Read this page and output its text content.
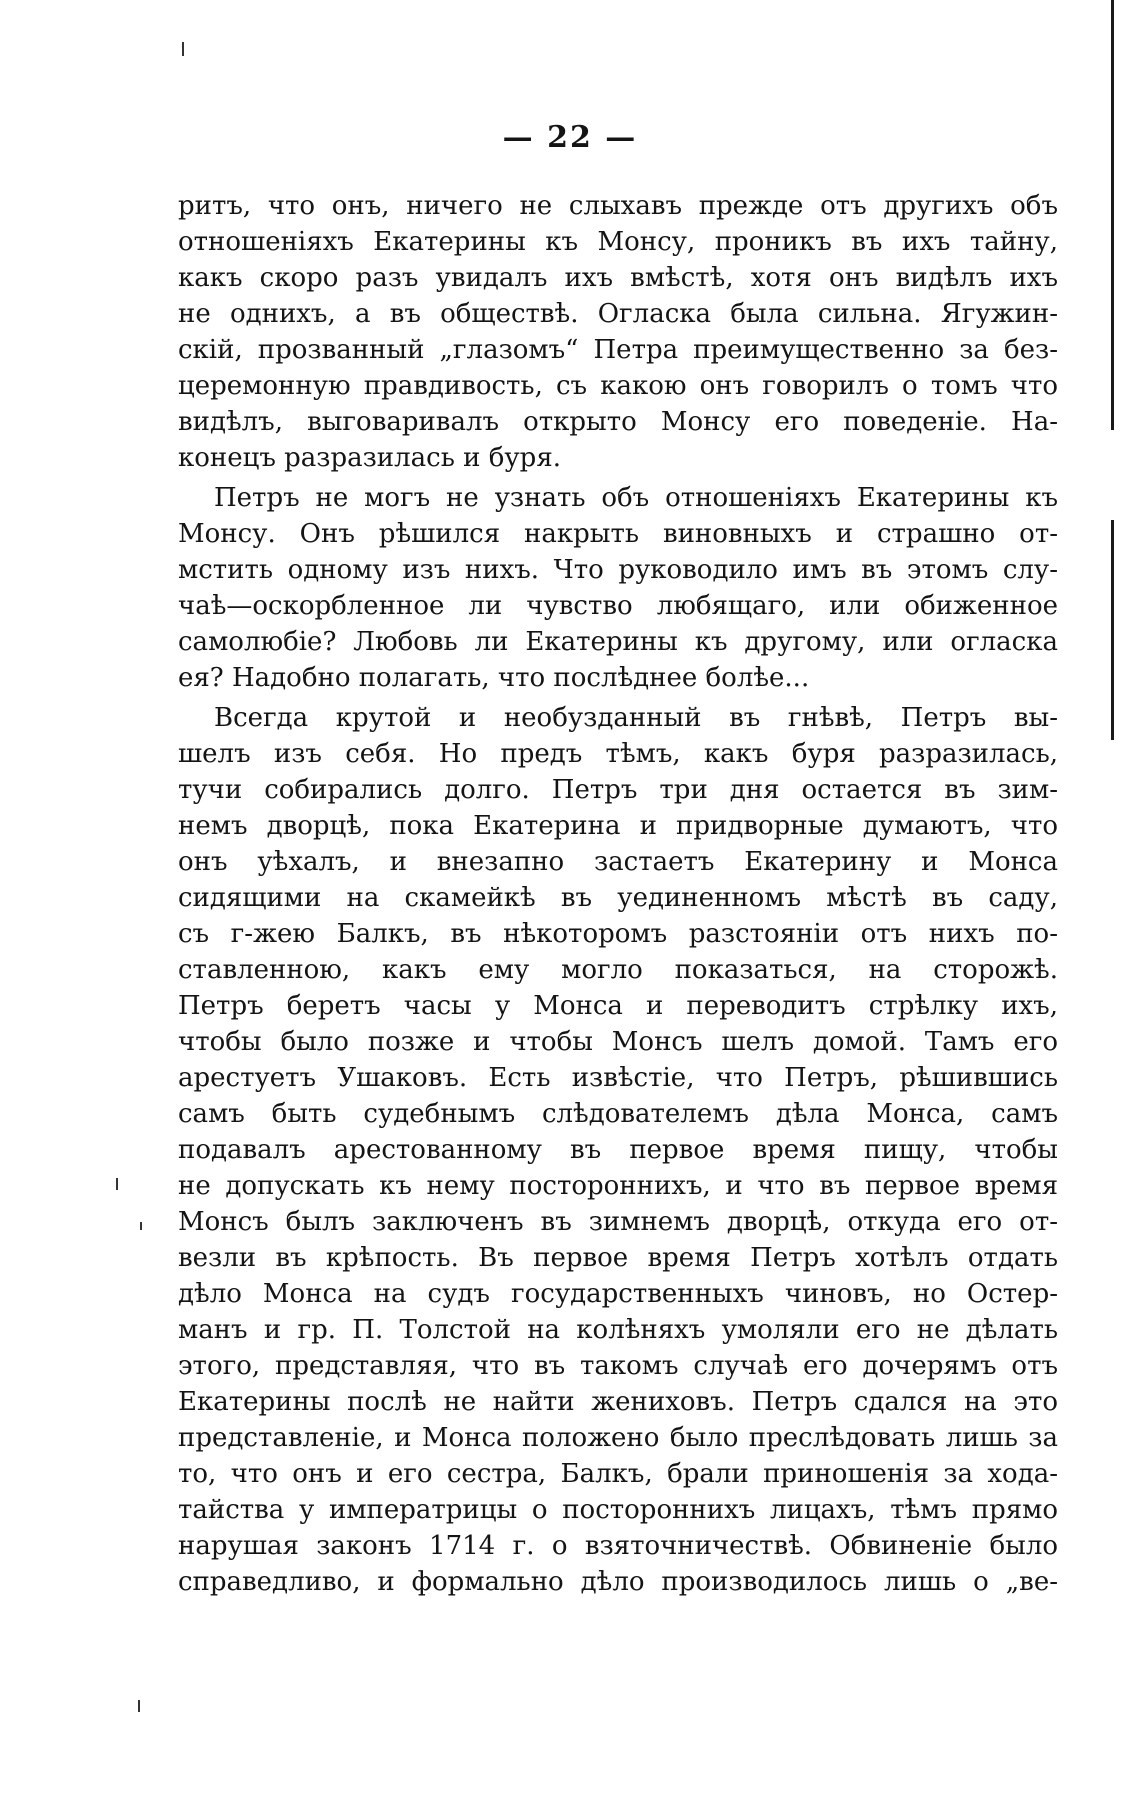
— 22 —
ритъ, что онъ, ничего не слыхавъ прежде отъ другихъ объ
отношеніяхъ Екатерины къ Монсу, проникъ въ ихъ тайну,
какъ скоро разъ увидалъ ихъ вмѣстѣ, хотя онъ видѣлъ ихъ
не однихъ, а въ обществѣ. Огласка была сильна. Ягужин-
скій, прозванный „глазомъ“ Петра преимущественно за без-
церемонную правдивость, съ какою онъ говорилъ о томъ что
видѣлъ, выговаривалъ открыто Монсу его поведеніе. На-
конецъ разразилась и буря.
Петръ не могъ не узнать объ отношеніяхъ Екатерины къ
Монсу. Онъ рѣшился накрыть виновныхъ и страшно от-
мстить одному изъ нихъ. Что руководило имъ въ этомъ слу-
чаѣ—оскорбленное ли чувство любящаго, или обиженное
самолюбіе? Любовь ли Екатерины къ другому, или огласка
ея? Надобно полагать, что послѣднее болѣе...
Всегда крутой и необузданный въ гнѣвѣ, Петръ вы-
шелъ изъ себя. Но предъ тѣмъ, какъ буря разразилась,
тучи собирались долго. Петръ три дня остается въ зим-
немъ дворцѣ, пока Екатерина и придворные думаютъ, что
онъ уѣхалъ, и внезапно застаетъ Екатерину и Монса
сидящими на скамейкѣ въ уединенномъ мѣстѣ въ саду,
съ г-жею Балкъ, въ нѣкоторомъ разстояніи отъ нихъ по-
ставленною, какъ ему могло показаться, на сторожѣ.
Петръ беретъ часы у Монса и переводитъ стрѣлку ихъ,
чтобы было позже и чтобы Монсъ шелъ домой. Тамъ его
арестуетъ Ушаковъ. Есть извѣстіе, что Петръ, рѣшившись
самъ быть судебнымъ слѣдователемъ дѣла Монса, самъ
подавалъ арестованному въ первое время пищу, чтобы
не допускать къ нему постороннихъ, и что въ первое время
Монсъ былъ заключенъ въ зимнемъ дворцѣ, откуда его от-
везли въ крѣпость. Въ первое время Петръ хотѣлъ отдать
дѣло Монса на судъ государственныхъ чиновъ, но Остер-
манъ и гр. П. Толстой на колѣняхъ умоляли его не дѣлать
этого, представляя, что въ такомъ случаѣ его дочерямъ отъ
Екатерины послѣ не найти жениховъ. Петръ сдался на это
представленіе, и Монса положено было преслѣдовать лишь за
то, что онъ и его сестра, Балкъ, брали приношенія за хода-
тайства у императрицы о постороннихъ лицахъ, тѣмъ прямо
нарушая законъ 1714 г. о взяточничествѣ. Обвиненіе было
справедливо, и формально дѣло производилось лишь о „ве-
